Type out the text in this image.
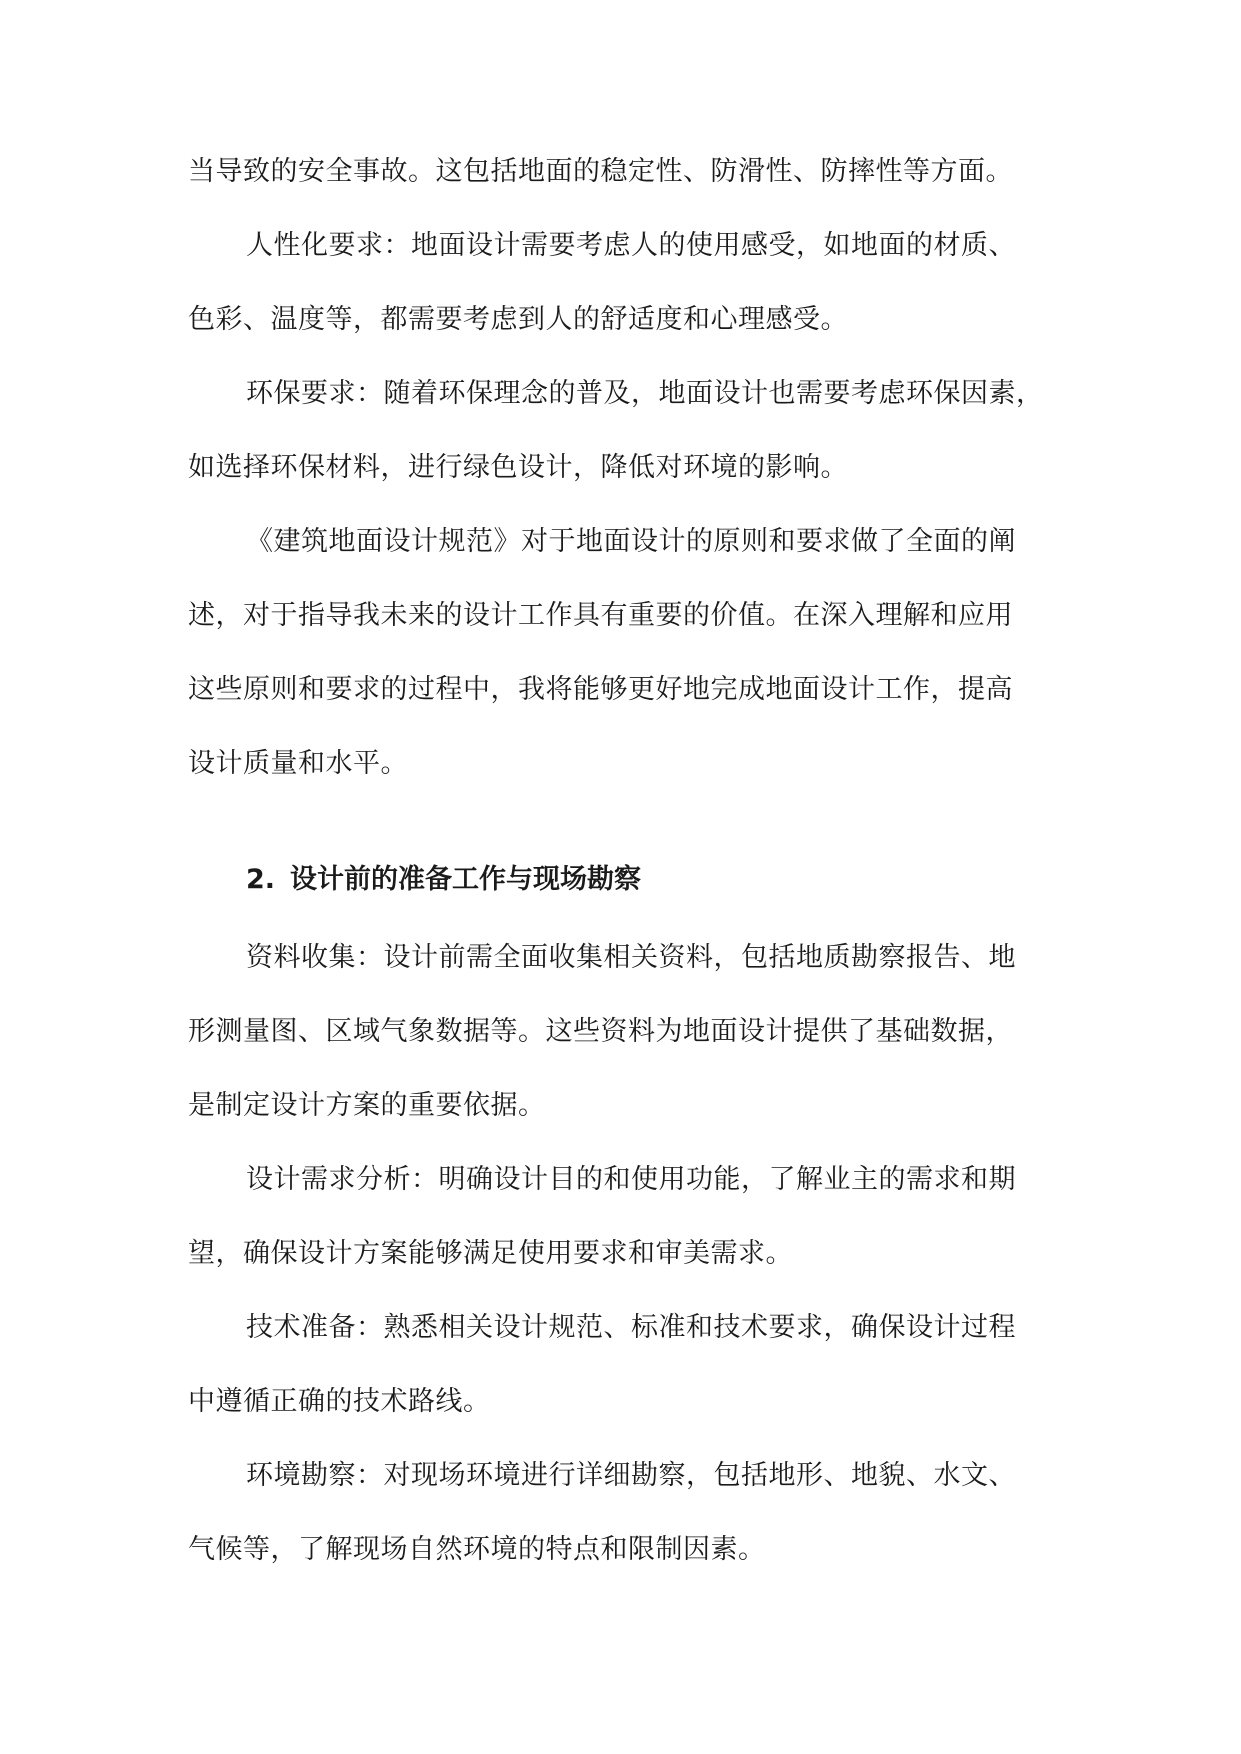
当导致的安全事故。这包括地面的稳定性、防滑性、防摔性等方面。
人性化要求：地面设计需要考虑人的使用感受，如地面的材质、
色彩、温度等，都需要考虑到人的舒适度和心理感受。
环保要求：随着环保理念的普及，地面设计也需要考虑环保因素，
如选择环保材料，进行绿色设计，降低对环境的影响。
《建筑地面设计规范》对于地面设计的原则和要求做了全面的阐
述，对于指导我未来的设计工作具有重要的价值。在深入理解和应用
这些原则和要求的过程中，我将能够更好地完成地面设计工作，提高
设计质量和水平。
2. 设计前的准备工作与现场勘察
资料收集：设计前需全面收集相关资料，包括地质勘察报告、地
形测量图、区域气象数据等。这些资料为地面设计提供了基础数据，
是制定设计方案的重要依据。
设计需求分析：明确设计目的和使用功能，了解业主的需求和期
望，确保设计方案能够满足使用要求和审美需求。
技术准备：熟悉相关设计规范、标准和技术要求，确保设计过程
中遵循正确的技术路线。
环境勘察：对现场环境进行详细勘察，包括地形、地貌、水文、
气候等，了解现场自然环境的特点和限制因素。
